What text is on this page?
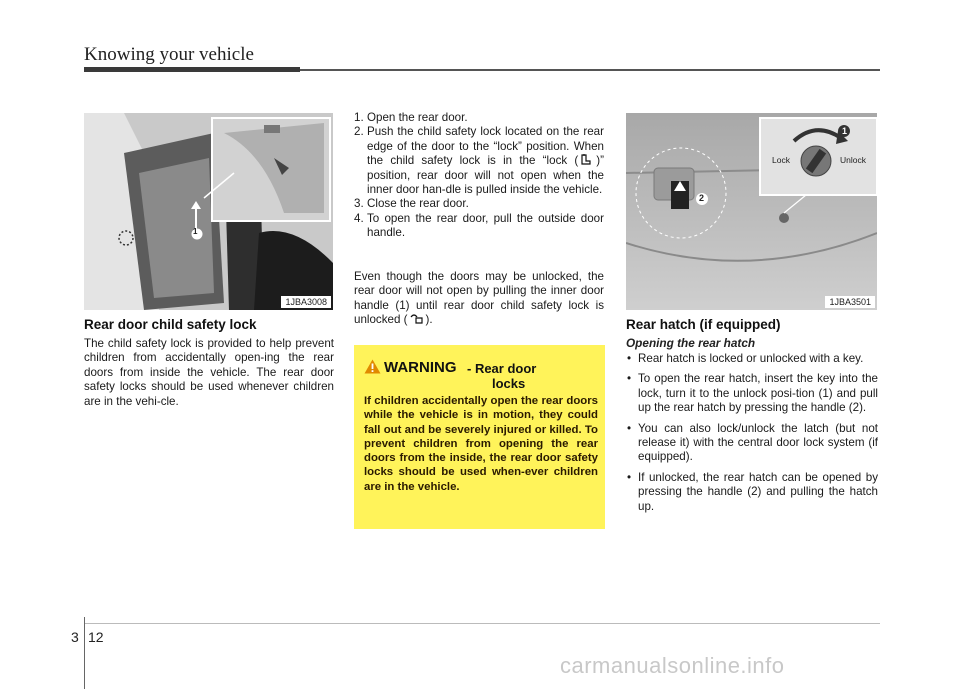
Knowing your vehicle
1
1JBA3008
1
2
Lock	Unlock
1JBA3501
Rear door child safety lock
The child safety lock is provided to help prevent children from accidentally open-ing the rear doors from inside the vehicle. The rear door safety locks should be used whenever children are in the vehi-cle.
1. Open the rear door.
2. Push the child safety lock located on the rear edge of the door to the “lock” position. When the child safety lock is in the “lock ( )” position, rear door will not open when the inner door han-dle is pulled inside the vehicle.
3. Close the rear door.
4. To open the rear door, pull the outside door handle.
Even though the doors may be unlocked, the rear door will not open by pulling the inner door handle (1) until rear door child safety lock is unlocked ( ).
WARNING - Rear door
locks
If children accidentally open the rear doors while the vehicle is in motion, they could fall out and be severely injured or killed. To prevent children from opening the rear doors from the inside, the rear door safety locks should be used when-ever children are in the vehicle.
Rear hatch (if equipped)
Opening the rear hatch
• Rear hatch is locked or unlocked with a key.
• To open the rear hatch, insert the key into the lock, turn it to the unlock posi-tion (1) and pull up the rear hatch by pressing the handle (2).
• You can also lock/unlock the latch (but not release it) with the central door lock system (if equipped).
• If unlocked, the rear hatch can be opened by pressing the handle (2) and pulling the hatch up.
3 12
carmanualsonline.info
